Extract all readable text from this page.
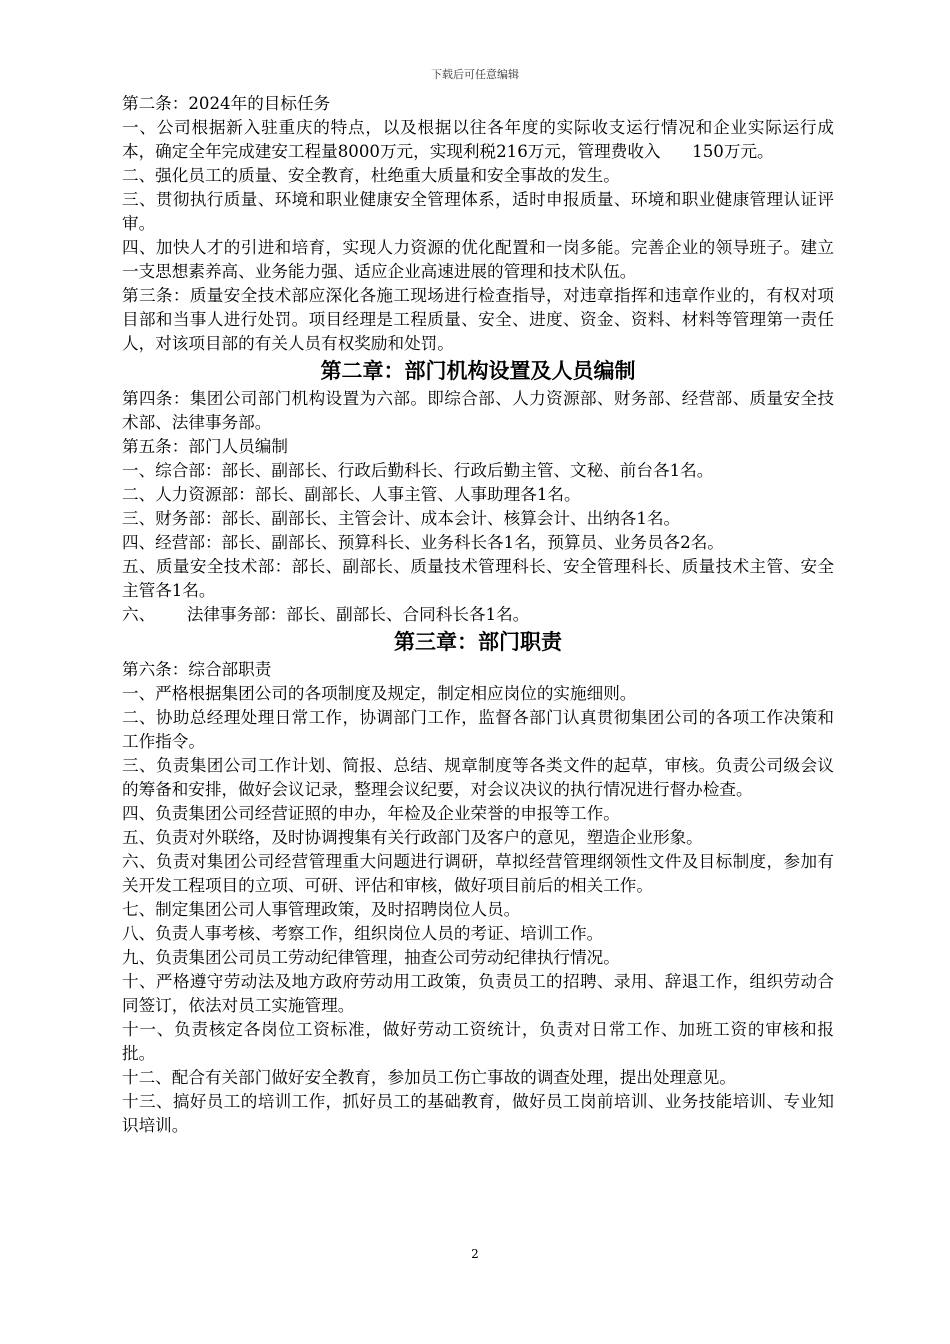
下载后可任意编辑

第二条：2024年的目标任务

一、公司根据新入驻重庆的特点，以及根据以往各年度的实际收支运行情况和企业实际运行成本，确定全年完成建安工程量8000万元，实现利税216万元，管理费收入      150万元。

二、强化员工的质量、安全教育，杜绝重大质量和安全事故的发生。

三、贯彻执行质量、环境和职业健康安全管理体系，适时申报质量、环境和职业健康管理认证评审。

四、加快人才的引进和培育，实现人力资源的优化配置和一岗多能。完善企业的领导班子。建立一支思想素养高、业务能力强、适应企业高速进展的管理和技术队伍。

第三条：质量安全技术部应深化各施工现场进行检查指导，对违章指挥和违章作业的，有权对项目部和当事人进行处罚。项目经理是工程质量、安全、进度、资金、资料、材料等管理第一责任人，对该项目部的有关人员有权奖励和处罚。

第二章：部门机构设置及人员编制

第四条：集团公司部门机构设置为六部。即综合部、人力资源部、财务部、经营部、质量安全技术部、法律事务部。

第五条：部门人员编制

一、综合部：部长、副部长、行政后勤科长、行政后勤主管、文秘、前台各1名。

二、人力资源部：部长、副部长、人事主管、人事助理各1名。

三、财务部：部长、副部长、主管会计、成本会计、核算会计、出纳各1名。

四、经营部：部长、副部长、预算科长、业务科长各1名，预算员、业务员各2名。

五、质量安全技术部：部长、副部长、质量技术管理科长、安全管理科长、质量技术主管、安全主管各1名。

六、      法律事务部：部长、副部长、合同科长各1名。

第三章：部门职责

第六条：综合部职责

一、严格根据集团公司的各项制度及规定，制定相应岗位的实施细则。

二、协助总经理处理日常工作，协调部门工作，监督各部门认真贯彻集团公司的各项工作决策和工作指令。

三、负责集团公司工作计划、简报、总结、规章制度等各类文件的起草，审核。负责公司级会议的筹备和安排，做好会议记录，整理会议纪要，对会议决议的执行情况进行督办检查。

四、负责集团公司经营证照的申办，年检及企业荣誉的申报等工作。

五、负责对外联络，及时协调搜集有关行政部门及客户的意见，塑造企业形象。

六、负责对集团公司经营管理重大问题进行调研，草拟经营管理纲领性文件及目标制度，参加有关开发工程项目的立项、可研、评估和审核，做好项目前后的相关工作。

七、制定集团公司人事管理政策，及时招聘岗位人员。

八、负责人事考核、考察工作，组织岗位人员的考证、培训工作。

九、负责集团公司员工劳动纪律管理，抽查公司劳动纪律执行情况。

十、严格遵守劳动法及地方政府劳动用工政策，负责员工的招聘、录用、辞退工作，组织劳动合同签订，依法对员工实施管理。

十一、负责核定各岗位工资标准，做好劳动工资统计，负责对日常工作、加班工资的审核和报批。

十二、配合有关部门做好安全教育，参加员工伤亡事故的调查处理，提出处理意见。

十三、搞好员工的培训工作，抓好员工的基础教育，做好员工岗前培训、业务技能培训、专业知识培训。

2
